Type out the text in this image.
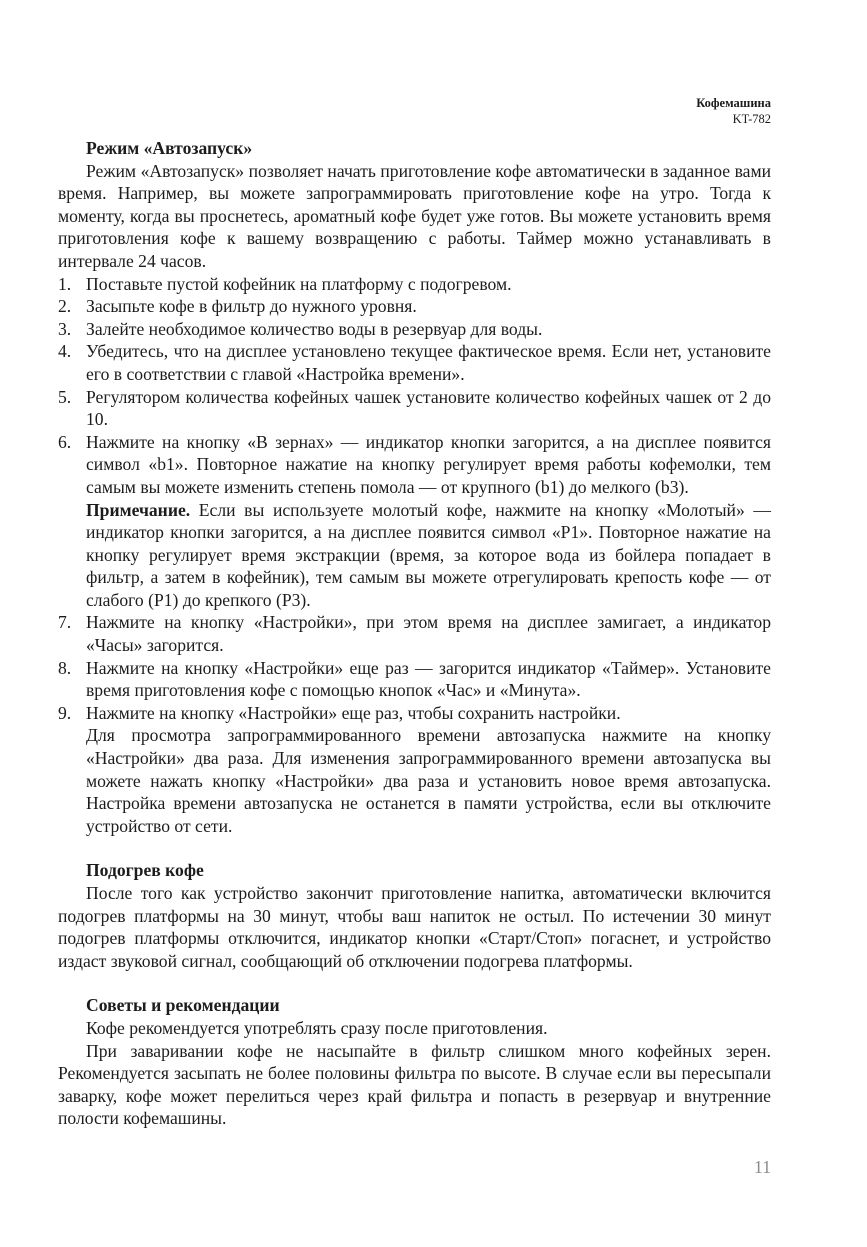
Кофемашина
KT-782

Режим «Автозапуск»

Режим «Автозапуск» позволяет начать приготовление кофе автоматически в заданное вами время. Например, вы можете запрограммировать приготовление кофе на утро. Тогда к моменту, когда вы проснетесь, ароматный кофе будет уже готов. Вы можете установить время приготовления кофе к вашему возвращению с работы. Таймер можно устанавливать в интервале 24 часов.

1. Поставьте пустой кофейник на платформу с подогревом.
2. Засыпьте кофе в фильтр до нужного уровня.
3. Залейте необходимое количество воды в резервуар для воды.
4. Убедитесь, что на дисплее установлено текущее фактическое время. Если нет, установите его в соответствии с главой «Настройка времени».
5. Регулятором количества кофейных чашек установите количество кофейных чашек от 2 до 10.
6. Нажмите на кнопку «В зернах» — индикатор кнопки загорится, а на дисплее появится символ «b1». Повторное нажатие на кнопку регулирует время работы кофемолки, тем самым вы можете изменить степень помола — от крупного (b1) до мелкого (b3).

Примечание. Если вы используете молотый кофе, нажмите на кнопку «Молотый» — индикатор кнопки загорится, а на дисплее появится символ «P1». Повторное нажатие на кнопку регулирует время экстракции (время, за которое вода из бойлера попадает в фильтр, а затем в кофейник), тем самым вы можете отрегулировать крепость кофе — от слабого (P1) до крепкого (P3).

7. Нажмите на кнопку «Настройки», при этом время на дисплее замигает, а индикатор «Часы» загорится.
8. Нажмите на кнопку «Настройки» еще раз — загорится индикатор «Таймер». Установите время приготовления кофе с помощью кнопок «Час» и «Минута».
9. Нажмите на кнопку «Настройки» еще раз, чтобы сохранить настройки.

Для просмотра запрограммированного времени автозапуска нажмите на кнопку «Настройки» два раза. Для изменения запрограммированного времени автозапуска вы можете нажать кнопку «Настройки» два раза и установить новое время автозапуска. Настройка времени автозапуска не останется в памяти устройства, если вы отключите устройство от сети.

Подогрев кофе

После того как устройство закончит приготовление напитка, автоматически включится подогрев платформы на 30 минут, чтобы ваш напиток не остыл. По истечении 30 минут подогрев платформы отключится, индикатор кнопки «Старт/Стоп» погаснет, и устройство издаст звуковой сигнал, сообщающий об отключении подогрева платформы.

Советы и рекомендации

Кофе рекомендуется употреблять сразу после приготовления.

При заваривании кофе не насыпайте в фильтр слишком много кофейных зерен. Рекомендуется засыпать не более половины фильтра по высоте. В случае если вы пересыпали заварку, кофе может перелиться через край фильтра и попасть в резервуар и внутренние полости кофемашины.

11
